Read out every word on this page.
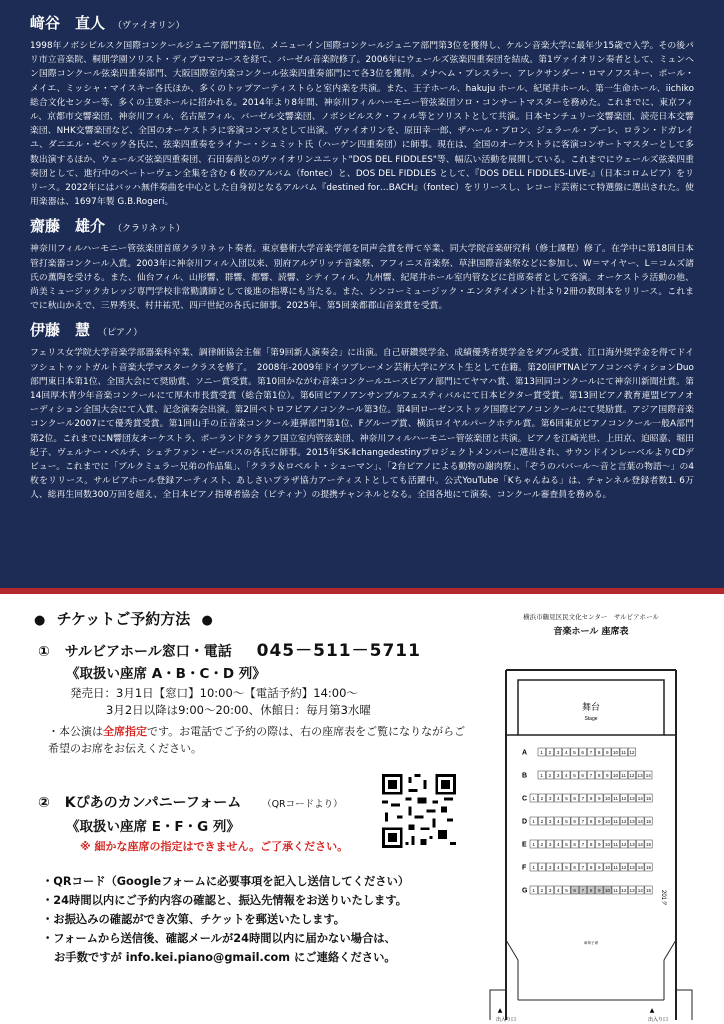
﨑谷　直人 （ヴァイオリン）

1998年ノボシビルスク国際コンクールジュニア部門第1位、メニューイン国際コンクールジュニア部門第3位を獲得し、ケルン音楽大学に最年少15歳で入学。その後パリ市立音楽院、桐朋学園ソリスト・ディプロマコースを経て、バーゼル音楽院修了。2006年にウェールズ弦楽四重奏団を結成。第1ヴァイオリン奏者として、ミュンヘン国際コンクール弦楽四重奏部門、大阪国際室内楽コンクール弦楽四重奏部門にて各3位を獲得。メナヘム・プレスラー、アレクサンダー・ロマノフスキー、ポール・メイエ、ミッシャ・マイスキー各氏ほか、多くのトップアーティストらと室内楽を共演。また、王子ホール、hakuju ホール、紀尾井ホール、第一生命ホール、iichiko 総合文化センター等、多くの主要ホールに招かれる。2014年より8年間、神奈川フィルハーモニー管弦楽団ソロ・コンサートマスターを務めた。これまでに、東京フィル、京都市交響楽団、神奈川フィル、名古屋フィル、バーゼル交響楽団、ノボシビルスク・フィル等とソリストとして共演。日本センチュリー交響楽団、読売日本交響楽団、NHK交響楽団など、全国のオーケストラに客演コンマスとして出演。ヴァイオリンを、原田幸一郎、ザハール・ブロン、ジェラール・プーレ、ロラン・ドガレイユ、ダニエル・ゼペック各氏に、弦楽四重奏をライナー・シュミット氏（ハーゲン四重奏団）に師事。現在は、全国のオーケストラに客演コンサートマスターとして多数出演するほか、ウェールズ弦楽四重奏団、石田泰尚とのヴァイオリンユニット"DOS DEL FIDDLES"等、幅広い活動を展開している。これまでにウェールズ弦楽四重奏団として、進行中のベートーヴェン全集を含む 6 枚のアルバム（fontec）と、DOS DEL FIDDLES として、『DOS DELL FIDDLES-LIVE-』（日本コロムビア）をリリース。2022年にはバッハ無伴奏曲を中心とした自身初となるアルバム『destined for…BACH』（fontec）をリリースし、レコード芸術にて特選盤に選出された。使用楽器は、1697年製 G.B.Rogeri。

齋藤　雄介 （クラリネット）

神奈川フィルハーモニー管弦楽団首席クラリネット奏者。東京藝術大学音楽学部を同声会賞を得て卒業、同大学院音楽研究科（修士課程）修了。在学中に第18回日本管打楽器コンクール入賞。2003年に神奈川フィル入団以来、別府アルゲリッチ音楽祭、アフィニス音楽祭、草津国際音楽祭などに参加し、W＝マイヤー、L＝コムズ諸氏の薫陶を受ける。また、仙台フィル、山形響、群響、都響、読響、シティフィル、九州響、紀尾井ホール室内管などに首席奏者として客演。オーケストラ活動の他、尚美ミュージックカレッジ専門学校非常勤講師として後進の指導にも当たる。また、シンコーミュージック・エンタテイメント社より2冊の教則本をリリース。これまでに秋山かえで、三界秀実、村井祐児、四戸世紀の各氏に師事。2025年、第5回楽都郡山音楽賞を受賞。

伊藤　慧 （ピアノ）

フェリス女学院大学音楽学部器楽科卒業、調律師協会主催「第9回新人演奏会」に出演。自己研鑽奨学金、成績優秀者奨学金をダブル受賞、江口海外奨学金を得てドイツシュトゥットガルト音楽大学マスタークラスを修了。　2008年-2009年ドイツブレーメン芸術大学にゲスト生として在籍。第20回PTNAピアノコンペティションDuo部門東日本第1位、全国大会にて奨励賞、ソニー賞受賞。第10回かながわ音楽コンクールユースピアノ部門にてヤマハ賞、第13回同コンクールにて神奈川新聞社賞。第14回厚木青少年音楽コンクールにて厚木市長賞受賞（総合第1位）。第6回ピアノアンサンブルフェスティバルにて日本ピクター賞受賞。第13回ピアノ教育連盟ピアノオーディション全国大会にて入賞、記念演奏会出演。第2回ペトロフピアノコンクール第3位。第4回ローゼンストック国際ピアノコンクールにて奨励賞。アジア国際音楽コンクール2007にて優秀賞受賞。第1回山手の丘音楽コンクール連弾部門第1位、Fグループ賞、横浜ロイヤルパークホテル賞。第6回東京ピアノコンクール一般A部門第2位。これまでにN響団友オーケストラ、ポーランドクラクフ国立室内管弦楽団、神奈川フィルハーモニー管弦楽団と共演。ピアノを江崎光世、上田京、迫昭嘉、堀田紀子、ヴェルナー・ベルチ、シュテファン・ゼーバスの各氏に師事。2015年SK-Ⅱchangedestinyプロジェクトメンバーに選出され、サウンドインレーベルよりCDデビュー。これまでに「ブルクミュラー兄弟の作品集」、「クララ＆ロベルト・シューマン」、「2台ピアノによる動物の謝肉祭」、「ぞうのババール～音と言葉の物語～」の4枚をリリース。サルビアホール登録アーティスト、あしさいプラザ協力アーティストとしても活躍中。公式YouTube「Kちゃんねる」は、チャンネル登録者数1. 6万人、総再生回数300万回を超え、全日本ピアノ指導者協会（ピティナ）の提携チャンネルとなる。全国各地にて演奏、コンクール審査員を務める。

● チケットご予約方法 ●
① サルビアホール窓口・電話 045－511－5711
《取扱い座席 A・B・C・D 列》
発売日：3月1日【窓口】10:00～【電話予約】14:00～
3月2日以降は9:00～20:00、休館日：毎月第3水曜
・本公演は全席指定です。お電話でご予約の際は、右の座席表をご覧になりながらご希望のお席をお伝えください。
② Kぴあのカンパニーフォーム （QRコードより）
《取扱い座席 E・F・G 列》
※ 細かな座席の指定はできません。ご了承ください。
・QRコード（Googleフォームに必要事項を記入し送信してください）
・24時間以内にご予約内容の確認と、振込先情報をお送りいたします。
・お振込みの確認ができ次第、チケットを郵送いたします。
・フォームから送信後、確認メールが24時間以内に届かない場合は、
お手数ですが info.kei.piano@gmail.com にご連絡ください。
横浜市鶴見区民文化センター　サルビアホール
音楽ホール 座席表
舞台
Stage
A	1 2 3 4 5 6 7 8 9 10 11 12
B	1 2 3 4 5 6 7 8 9 10 11 12 13 14
C 1 2 3 4 5 6 7 8 9 10 11 12 13 14 15
D 1 2 3 4 5 6 7 8 9 10 11 12 13 14 15
E 1 2 3 4 5 6 7 8 9 10 11 12 13 14 15
F 1 2 3 4 5 6 7 8 9 10 11 12 13 14 15
G 1 2 3 4 5 6 7 8 9 10 11 12 13 14 15 201ク
車椅子席
▲	▲
出入り口	出入り口
